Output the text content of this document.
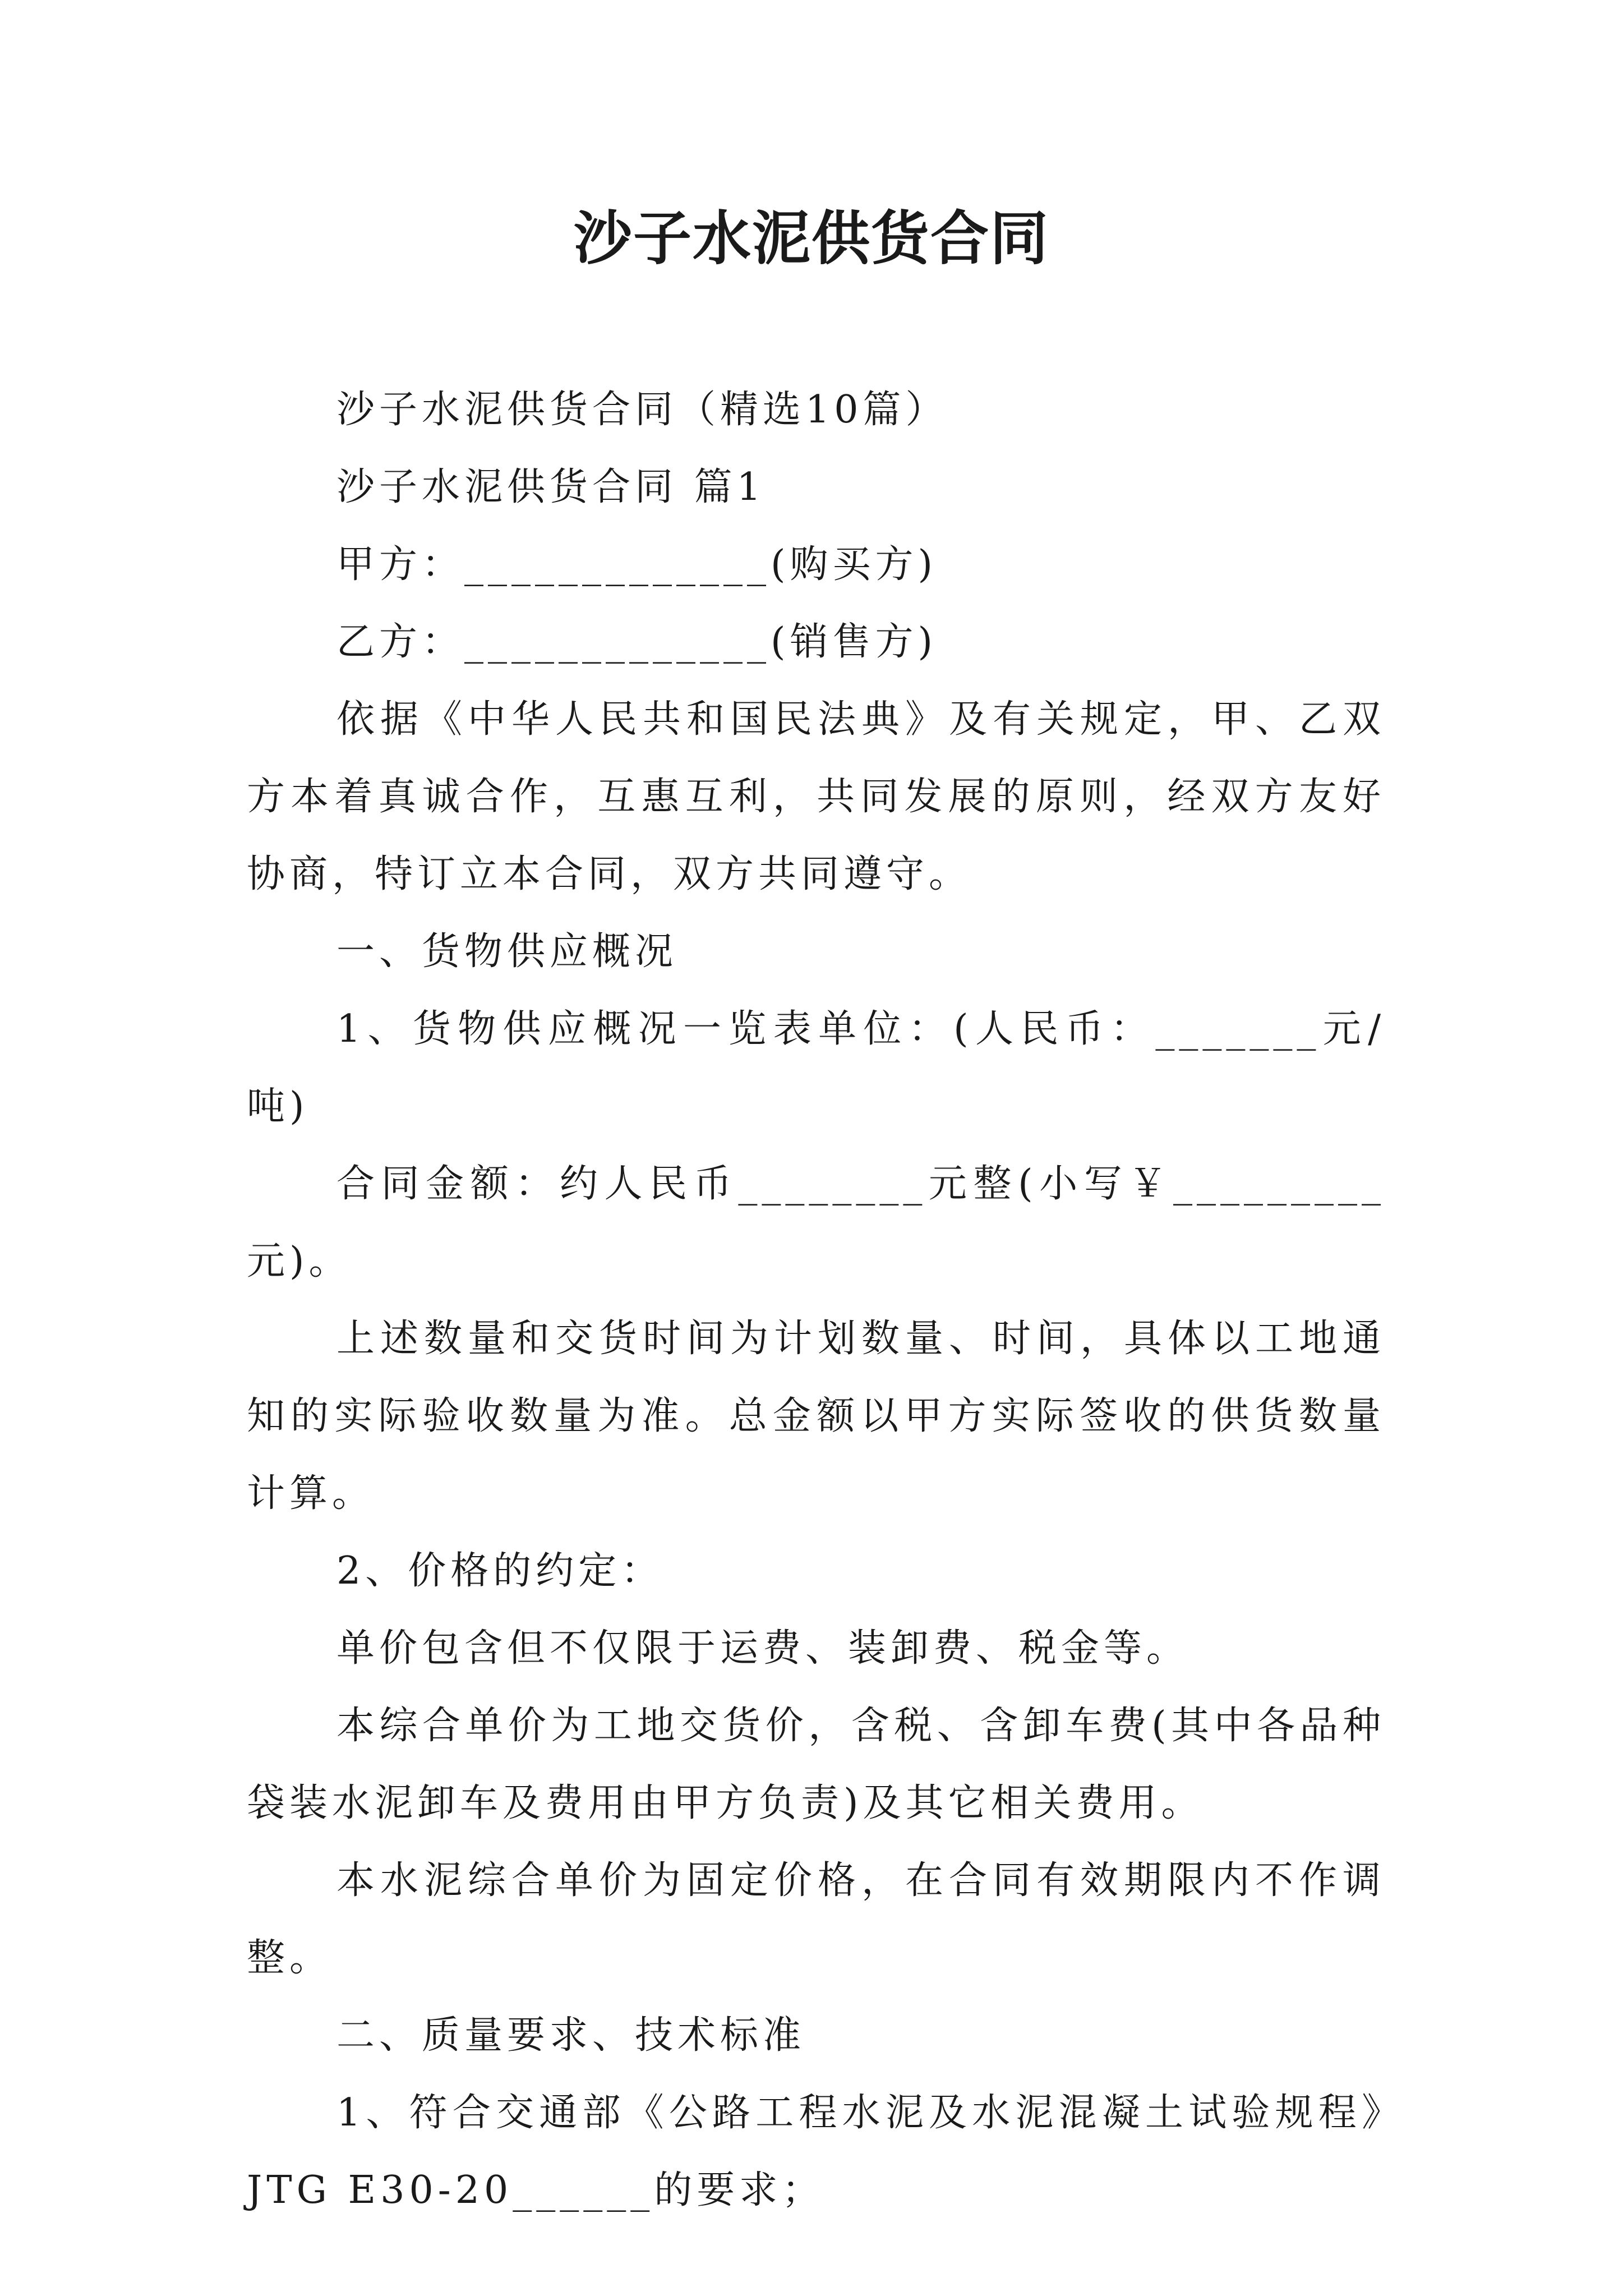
沙子水泥供货合同

沙子水泥供货合同（精选10篇）

沙子水泥供货合同 篇1

甲方：_____________(购买方)

乙方：_____________(销售方)

依据《中华人民共和国民法典》及有关规定，甲、乙双方本着真诚合作，互惠互利，共同发展的原则，经双方友好协商，特订立本合同，双方共同遵守。

一、货物供应概况

1、货物供应概况一览表单位：(人民币：_______元/吨)

合同金额：约人民币________元整(小写￥_________元)。

上述数量和交货时间为计划数量、时间，具体以工地通知的实际验收数量为准。总金额以甲方实际签收的供货数量计算。

2、价格的约定：

单价包含但不仅限于运费、装卸费、税金等。

本综合单价为工地交货价，含税、含卸车费(其中各品种袋装水泥卸车及费用由甲方负责)及其它相关费用。

本水泥综合单价为固定价格，在合同有效期限内不作调整。

二、质量要求、技术标准

1、符合交通部《公路工程水泥及水泥混凝土试验规程》JTG E30-20______的要求；
